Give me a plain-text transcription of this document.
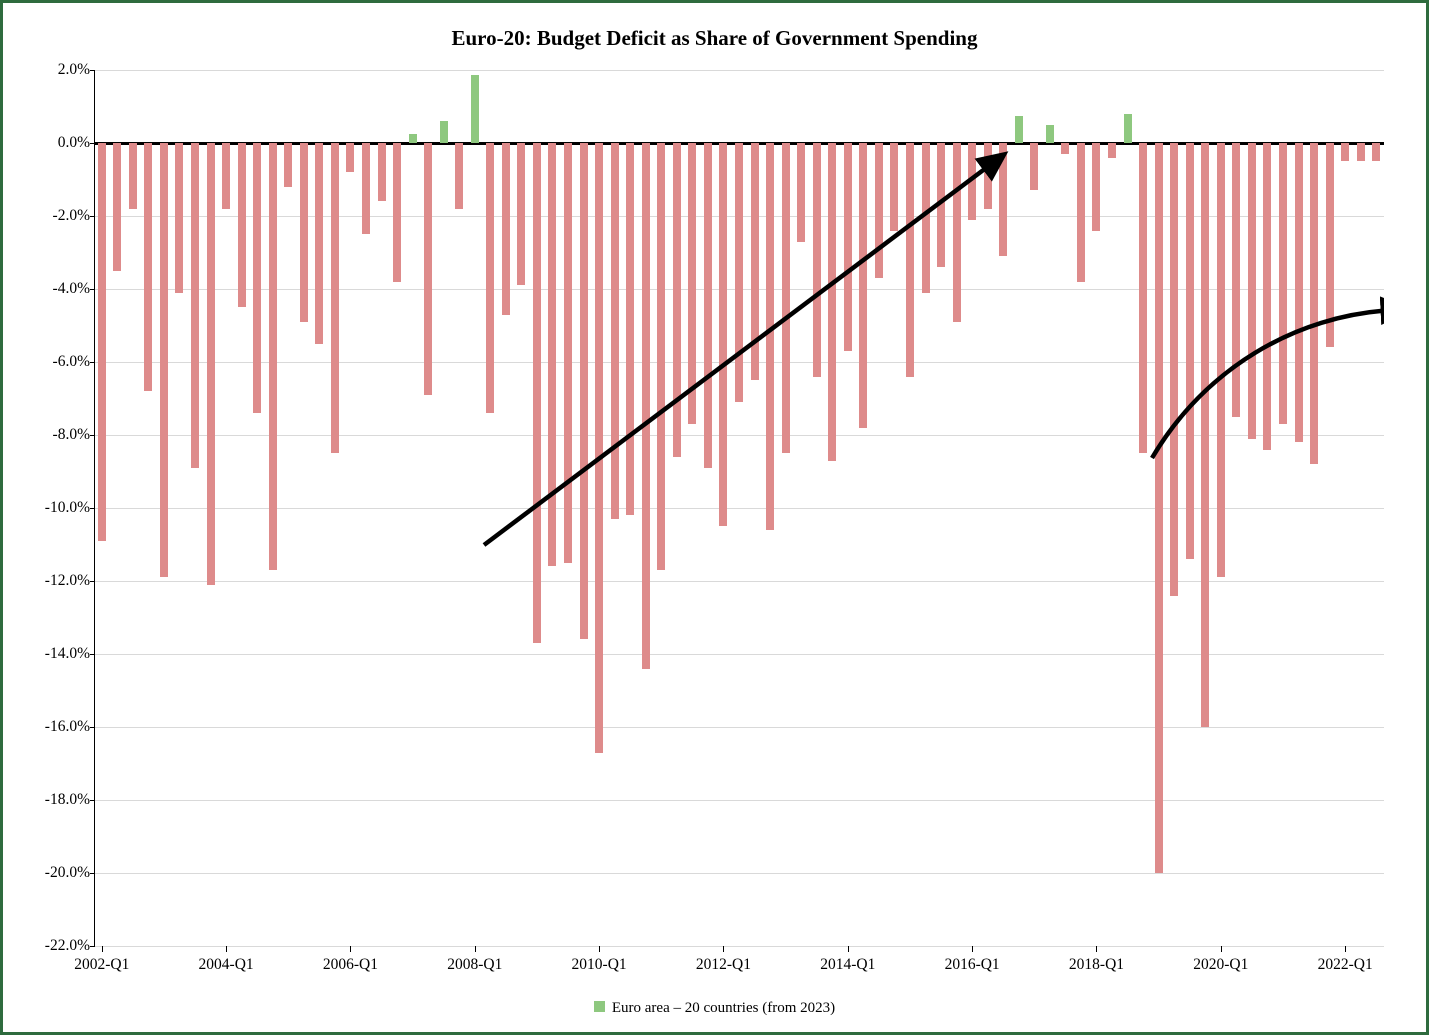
Euro-20: Budget Deficit as Share of Government Spending
2.0%
0.0%
-2.0%
-4.0%
-6.0%
-8.0%
-10.0%
-12.0%
-14.0%
-16.0%
-18.0%
-20.0%
-22.0%
2002-Q1	2004-Q1	2006-Q1	2008-Q1	2010-Q1	2012-Q1	2014-Q1	2016-Q1	2018-Q1	2020-Q1	2022-Q1
Euro area – 20 countries (from 2023)
